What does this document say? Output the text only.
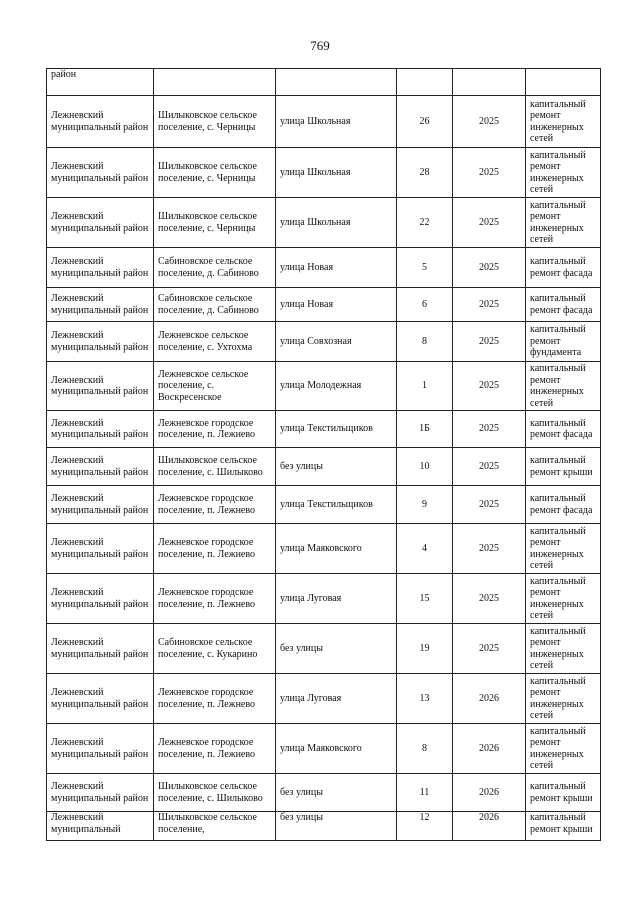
769
район					
Лежневский муниципальный район	Шилыковское сельское поселение, с. Черницы	улица Школьная	26	2025	капитальный ремонт инженерных сетей
Лежневский муниципальный район	Шилыковское сельское поселение, с. Черницы	улица Школьная	28	2025	капитальный ремонт инженерных сетей
Лежневский муниципальный район	Шилыковское сельское поселение, с. Черницы	улица Школьная	22	2025	капитальный ремонт инженерных сетей
Лежневский муниципальный район	Сабиновское сельское поселение, д. Сабиново	улица Новая	5	2025	капитальный ремонт фасада
Лежневский муниципальный район	Сабиновское сельское поселение, д. Сабиново	улица Новая	6	2025	капитальный ремонт фасада
Лежневский муниципальный район	Лежневское сельское поселение, с. Ухтохма	улица Совхозная	8	2025	капитальный ремонт фундамента
Лежневский муниципальный район	Лежневское сельское поселение, с. Воскресенское	улица Молодежная	1	2025	капитальный ремонт инженерных сетей
Лежневский муниципальный район	Лежневское городское поселение, п. Лежнево	улица Текстильщиков	1Б	2025	капитальный ремонт фасада
Лежневский муниципальный район	Шилыковское сельское поселение, с. Шилыково	без улицы	10	2025	капитальный ремонт крыши
Лежневский муниципальный район	Лежневское городское поселение, п. Лежнево	улица Текстильщиков	9	2025	капитальный ремонт фасада
Лежневский муниципальный район	Лежневское городское поселение, п. Лежнево	улица Маяковского	4	2025	капитальный ремонт инженерных сетей
Лежневский муниципальный район	Лежневское городское поселение, п. Лежнево	улица Луговая	15	2025	капитальный ремонт инженерных сетей
Лежневский муниципальный район	Сабиновское сельское поселение, с. Кукарино	без улицы	19	2025	капитальный ремонт инженерных сетей
Лежневский муниципальный район	Лежневское городское поселение, п. Лежнево	улица Луговая	13	2026	капитальный ремонт инженерных сетей
Лежневский муниципальный район	Лежневское городское поселение, п. Лежнево	улица Маяковского	8	2026	капитальный ремонт инженерных сетей
Лежневский муниципальный район	Шилыковское сельское поселение, с. Шилыково	без улицы	11	2026	капитальный ремонт крыши
Лежневский муниципальный	Шилыковское сельское поселение,	без улицы	12	2026	капитальный ремонт крыши
